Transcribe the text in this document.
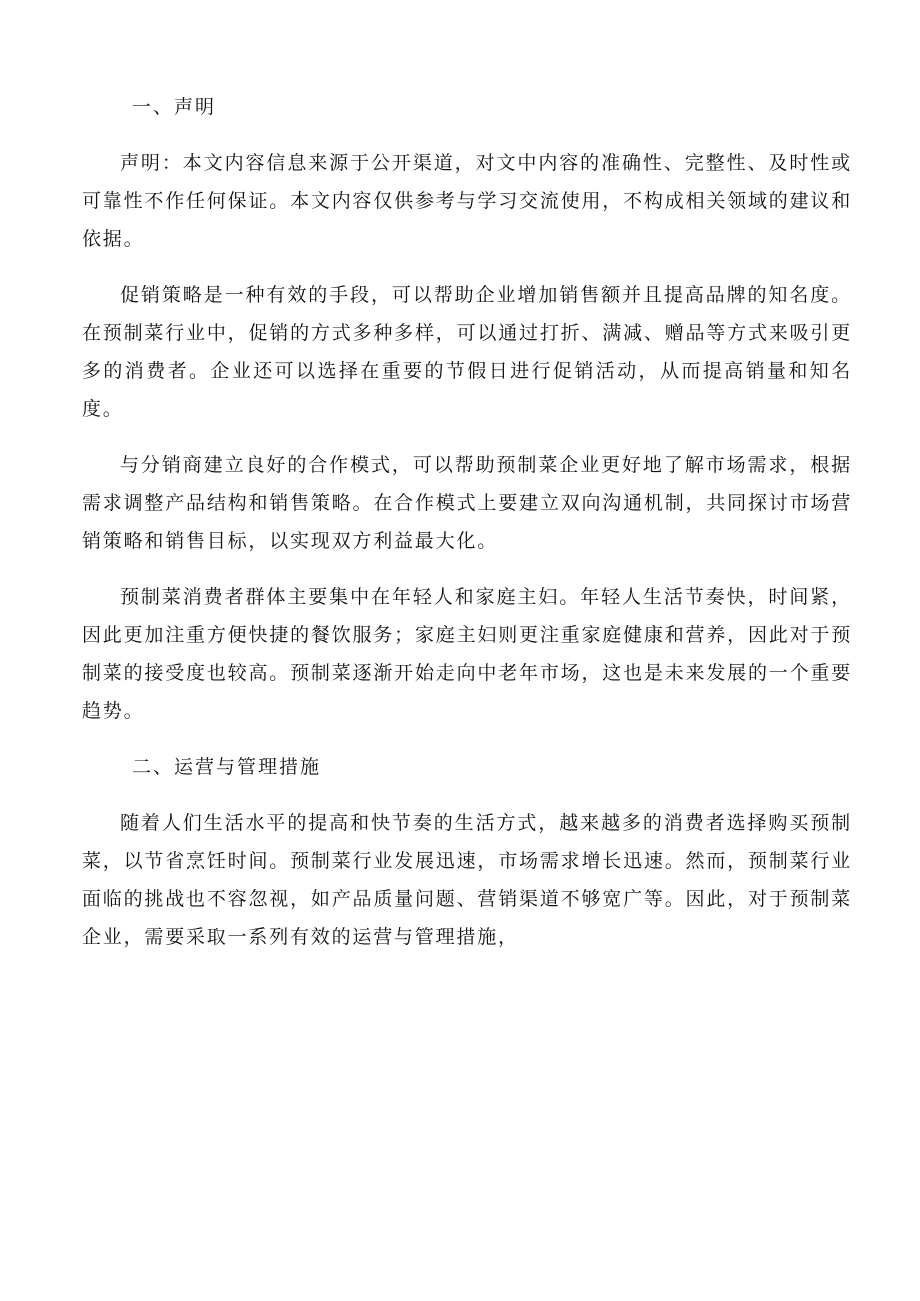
一、声明

声明：本文内容信息来源于公开渠道，对文中内容的准确性、完整性、及时性或可靠性不作任何保证。本文内容仅供参考与学习交流使用，不构成相关领域的建议和依据。

促销策略是一种有效的手段，可以帮助企业增加销售额并且提高品牌的知名度。在预制菜行业中，促销的方式多种多样，可以通过打折、满减、赠品等方式来吸引更多的消费者。企业还可以选择在重要的节假日进行促销活动，从而提高销量和知名度。

与分销商建立良好的合作模式，可以帮助预制菜企业更好地了解市场需求，根据需求调整产品结构和销售策略。在合作模式上要建立双向沟通机制，共同探讨市场营销策略和销售目标，以实现双方利益最大化。

预制菜消费者群体主要集中在年轻人和家庭主妇。年轻人生活节奏快，时间紧，因此更加注重方便快捷的餐饮服务；家庭主妇则更注重家庭健康和营养，因此对于预制菜的接受度也较高。预制菜逐渐开始走向中老年市场，这也是未来发展的一个重要趋势。

二、运营与管理措施

随着人们生活水平的提高和快节奏的生活方式，越来越多的消费者选择购买预制菜，以节省烹饪时间。预制菜行业发展迅速，市场需求增长迅速。然而，预制菜行业面临的挑战也不容忽视，如产品质量问题、营销渠道不够宽广等。因此，对于预制菜企业，需要采取一系列有效的运营与管理措施，
